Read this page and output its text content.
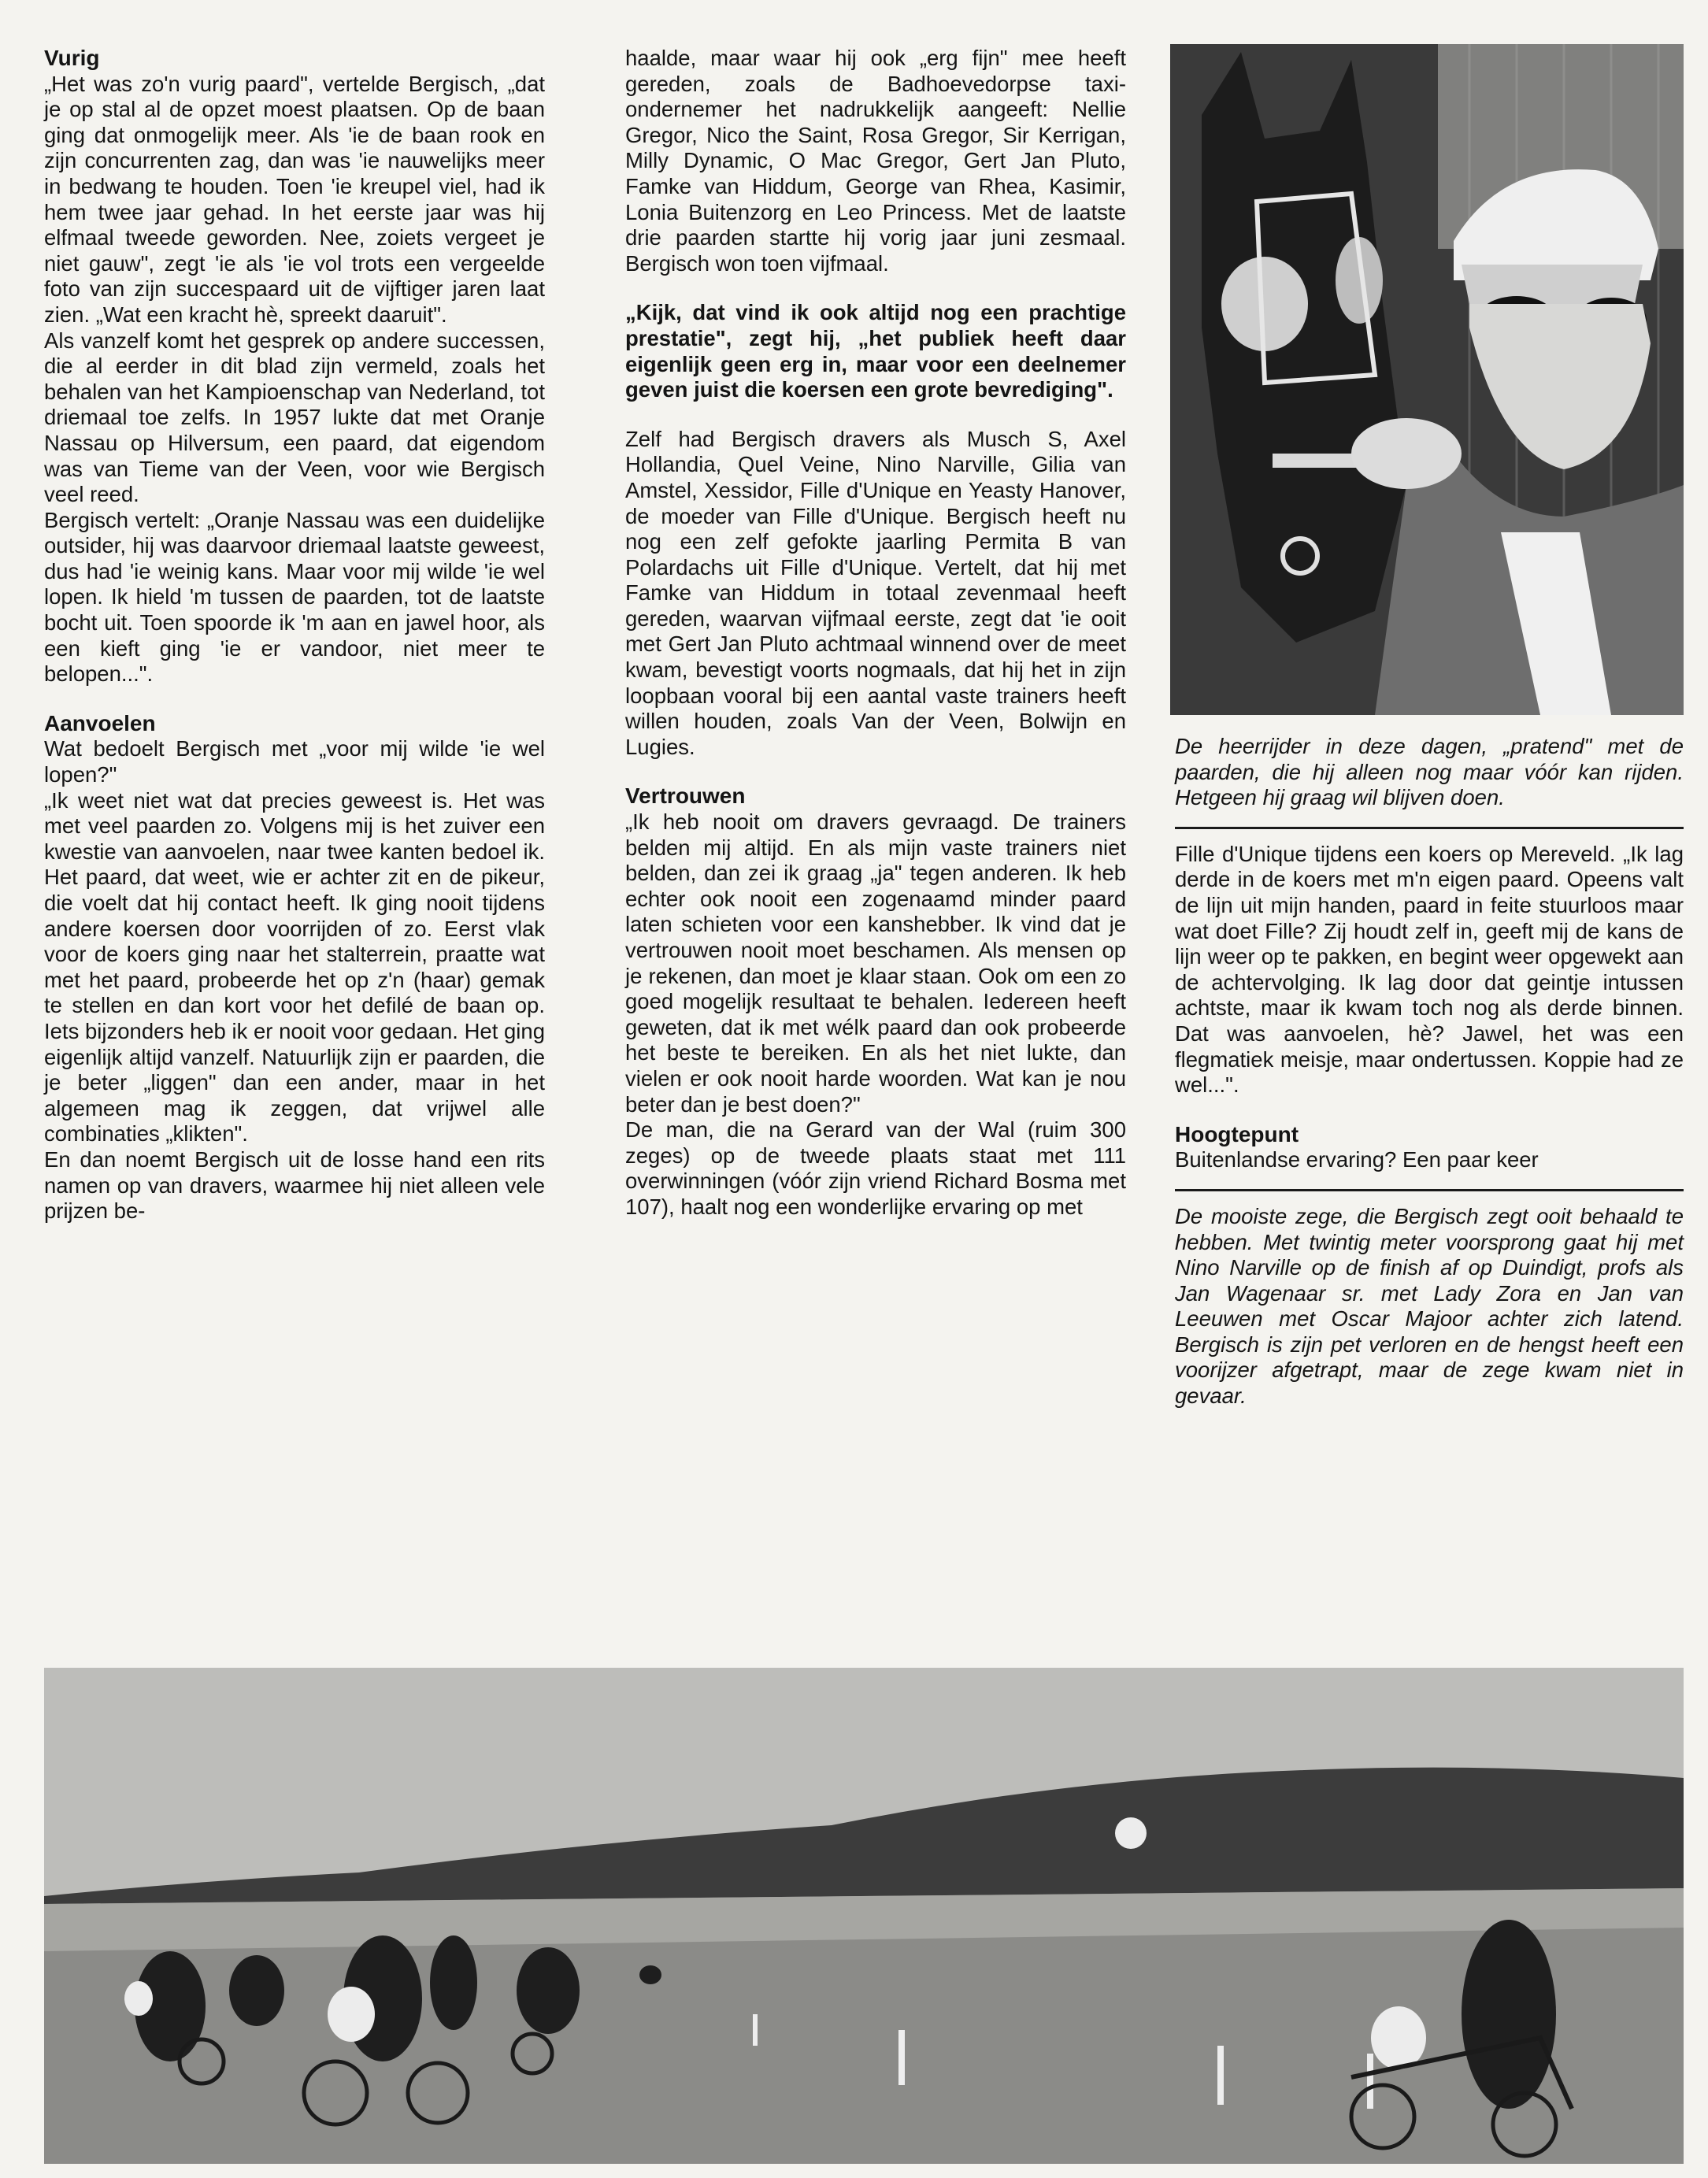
Vurig

„Het was zo'n vurig paard", vertelde Bergisch, „dat je op stal al de opzet moest plaatsen. Op de baan ging dat onmogelijk meer. Als 'ie de baan rook en zijn concurrenten zag, dan was 'ie nauwelijks meer in bedwang te houden. Toen 'ie kreupel viel, had ik hem twee jaar gehad. In het eerste jaar was hij elfmaal tweede geworden. Nee, zoiets vergeet je niet gauw", zegt 'ie als 'ie vol trots een vergeelde foto van zijn succespaard uit de vijftiger jaren laat zien. „Wat een kracht hè, spreekt daaruit".

Als vanzelf komt het gesprek op andere successen, die al eerder in dit blad zijn vermeld, zoals het behalen van het Kampioenschap van Nederland, tot driemaal toe zelfs. In 1957 lukte dat met Oranje Nassau op Hilversum, een paard, dat eigendom was van Tieme van der Veen, voor wie Bergisch veel reed.

Bergisch vertelt: „Oranje Nassau was een duidelijke outsider, hij was daarvoor driemaal laatste geweest, dus had 'ie weinig kans. Maar voor mij wilde 'ie wel lopen. Ik hield 'm tussen de paarden, tot de laatste bocht uit. Toen spoorde ik 'm aan en jawel hoor, als een kieft ging 'ie er vandoor, niet meer te belopen...".

Aanvoelen

Wat bedoelt Bergisch met „voor mij wilde 'ie wel lopen?"

„Ik weet niet wat dat precies geweest is. Het was met veel paarden zo. Volgens mij is het zuiver een kwestie van aanvoelen, naar twee kanten bedoel ik. Het paard, dat weet, wie er achter zit en de pikeur, die voelt dat hij contact heeft. Ik ging nooit tijdens andere koersen door voorrijden of zo. Eerst vlak voor de koers ging naar het stalterrein, praatte wat met het paard, probeerde het op z'n (haar) gemak te stellen en dan kort voor het defilé de baan op. Iets bijzonders heb ik er nooit voor gedaan. Het ging eigenlijk altijd vanzelf. Natuurlijk zijn er paarden, die je beter „liggen" dan een ander, maar in het algemeen mag ik zeggen, dat vrijwel alle combinaties „klikten".

En dan noemt Bergisch uit de losse hand een rits namen op van dravers, waarmee hij niet alleen vele prijzen be-

haalde, maar waar hij ook „erg fijn" mee heeft gereden, zoals de Badhoevedorpse taxi-ondernemer het nadrukkelijk aangeeft: Nellie Gregor, Nico the Saint, Rosa Gregor, Sir Kerrigan, Milly Dynamic, O Mac Gregor, Gert Jan Pluto, Famke van Hiddum, George van Rhea, Kasimir, Lonia Buitenzorg en Leo Princess. Met de laatste drie paarden startte hij vorig jaar juni zesmaal. Bergisch won toen vijfmaal.

„Kijk, dat vind ik ook altijd nog een prachtige prestatie", zegt hij, „het publiek heeft daar eigenlijk geen erg in, maar voor een deelnemer geven juist die koersen een grote bevrediging".

Zelf had Bergisch dravers als Musch S, Axel Hollandia, Quel Veine, Nino Narville, Gilia van Amstel, Xessidor, Fille d'Unique en Yeasty Hanover, de moeder van Fille d'Unique. Bergisch heeft nu nog een zelf gefokte jaarling Permita B van Polardachs uit Fille d'Unique. Vertelt, dat hij met Famke van Hiddum in totaal zevenmaal heeft gereden, waarvan vijfmaal eerste, zegt dat 'ie ooit met Gert Jan Pluto achtmaal winnend over de meet kwam, bevestigt voorts nogmaals, dat hij het in zijn loopbaan vooral bij een aantal vaste trainers heeft willen houden, zoals Van der Veen, Bolwijn en Lugies.

Vertrouwen

„Ik heb nooit om dravers gevraagd. De trainers belden mij altijd. En als mijn vaste trainers niet belden, dan zei ik graag „ja" tegen anderen. Ik heb echter ook nooit een zogenaamd minder paard laten schieten voor een kanshebber. Ik vind dat je vertrouwen nooit moet beschamen. Als mensen op je rekenen, dan moet je klaar staan. Ook om een zo goed mogelijk resultaat te behalen. Iedereen heeft geweten, dat ik met wélk paard dan ook probeerde het beste te bereiken. En als het niet lukte, dan vielen er ook nooit harde woorden. Wat kan je nou beter dan je best doen?"

De man, die na Gerard van der Wal (ruim 300 zeges) op de tweede plaats staat met 111 overwinningen (vóór zijn vriend Richard Bosma met 107), haalt nog een wonderlijke ervaring op met

De heerrijder in deze dagen, „pratend" met de paarden, die hij alleen nog maar vóór kan rijden. Hetgeen hij graag wil blijven doen.

Fille d'Unique tijdens een koers op Mereveld. „Ik lag derde in de koers met m'n eigen paard. Opeens valt de lijn uit mijn handen, paard in feite stuurloos maar wat doet Fille? Zij houdt zelf in, geeft mij de kans de lijn weer op te pakken, en begint weer opgewekt aan de achtervolging. Ik lag door dat geintje intussen achtste, maar ik kwam toch nog als derde binnen. Dat was aanvoelen, hè? Jawel, het was een flegmatiek meisje, maar ondertussen. Koppie had ze wel...".

Hoogtepunt

Buitenlandse ervaring? Een paar keer

De mooiste zege, die Bergisch zegt ooit behaald te hebben. Met twintig meter voorsprong gaat hij met Nino Narville op de finish af op Duindigt, profs als Jan Wagenaar sr. met Lady Zora en Jan van Leeuwen met Oscar Majoor achter zich latend. Bergisch is zijn pet verloren en de hengst heeft een voorijzer afgetrapt, maar de zege kwam niet in gevaar.
